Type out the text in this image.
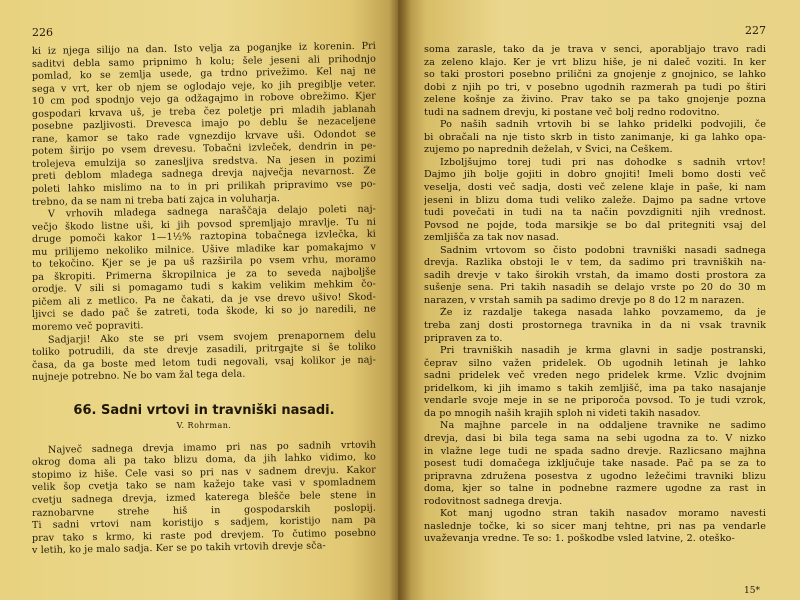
226
ki iz njega silijo na dan. Isto velja za poganjke iz korenin. Pri
saditvi debla samo pripnimo h kolu; šele jeseni ali prihodnjo
pomlad, ko se zemlja usede, ga trdno privežimo. Kel naj ne
sega v vrt, ker ob njem se oglodajo veje, ko jih pregiblje veter.
10 cm pod spodnjo vejo ga odžagajmo in robove obrežimo. Kjer
gospodari krvava uš, je treba čez poletje pri mladih jablanah
posebne pazljivosti. Drevesca imajo po deblu še nezaceljene
rane, kamor se tako rade vgnezdijo krvave uši. Odondot se
potem širijo po vsem drevesu. Tobačni izvleček, dendrin in pe-
trolejeva emulzija so zanesljiva sredstva. Na jesen in pozimi
preti deblom mladega sadnega drevja največja nevarnost. Že
poleti lahko mislimo na to in pri prilikah pripravimo vse po-
trebno, da se nam ni treba bati zajca in voluharja.
V vrhovih mladega sadnega naraščaja delajo poleti naj-
večjo škodo listne uši, ki jih povsod spremljajo mravlje. Tu ni
druge pomoči kakor 1—1½% raztopina tobačnega izvlečka, ki
mu prilijemo nekoliko milnice. Ušive mladike kar pomakajmo v
to tekočino. Kjer se je pa uš razširila po vsem vrhu, moramo
pa škropiti. Primerna škropilnica je za to seveda najboljše
orodje. V sili si pomagamo tudi s kakim velikim mehkim čo-
pičem ali z metlico. Pa ne čakati, da je vse drevo ušivo! Škod-
ljivci se dado pač še zatreti, toda škode, ki so jo naredili, ne
moremo več popraviti.
Sadjarji! Ako ste se pri vsem svojem prenapornem delu
toliko potrudili, da ste drevje zasadili, pritrgajte si še toliko
časa, da ga boste med letom tudi negovali, vsaj kolikor je naj-
nujneje potrebno. Ne bo vam žal tega dela.
66. Sadni vrtovi in travniški nasadi.
V. Rohrman.
Največ sadnega drevja imamo pri nas po sadnih vrtovih
okrog doma ali pa tako blizu doma, da jih lahko vidimo, ko
stopimo iz hiše. Cele vasi so pri nas v sadnem drevju. Kakor
velik šop cvetja tako se nam kažejo take vasi v spomladnem
cvetju sadnega drevja, izmed katerega blešče bele stene in
raznobarvne strehe hiš in gospodarskih poslopij.
Ti sadni vrtovi nam koristijo s sadjem, koristijo nam pa
prav tako s krmo, ki raste pod drevjem. To čutimo posebno
v letih, ko je malo sadja. Ker se po takih vrtovih drevje sča-
227
soma zarasle, tako da je trava v senci, aporabljajo travo radi
za zeleno klajo. Ker je vrt blizu hiše, je ni daleč voziti. In ker
so taki prostori posebno prilični za gnojenje z gnojnico, se lahko
dobi z njih po tri, v posebno ugodnih razmerah pa tudi po štiri
zelene košnje za živino. Prav tako se pa tako gnojenje pozna
tudi na sadnem drevju, ki postane več bolj redno rodovitno.
Po naših sadnih vrtovih bi se lahko pridelki podvojili, če
bi obračali na nje tisto skrb in tisto zanimanje, ki ga lahko opa-
zujemo po naprednih deželah, v Švici, na Češkem.
Izboljšujmo torej tudi pri nas dohodke s sadnih vrtov!
Dajmo jih bolje gojiti in dobro gnojiti! Imeli bomo dosti več
veselja, dosti več sadja, dosti več zelene klaje in paše, ki nam
jeseni in blizu doma tudi veliko zaleže. Dajmo pa sadne vrtove
tudi povečati in tudi na ta način povzdigniti njih vrednost.
Povsod ne pojde, toda marsikje se bo dal pritegniti vsaj del
zemljišča za tak nov nasad.
Sadnim vrtovom so čisto podobni travniški nasadi sadnega
drevja. Razlika obstoji le v tem, da sadimo pri travniških na-
sadih drevje v tako širokih vrstah, da imamo dosti prostora za
sušenje sena. Pri takih nasadih se delajo vrste po 20 do 30 m
narazen, v vrstah samih pa sadimo drevje po 8 do 12 m narazen.
Že iz razdalje takega nasada lahko povzamemo, da je
treba zanj dosti prostornega travnika in da ni vsak travnik
pripraven za to.
Pri travniških nasadih je krma glavni in sadje postranski,
čeprav silno važen pridelek. Ob ugodnih letinah je lahko
sadni pridelek več vreden nego pridelek krme. Vzlic dvojnim
pridelkom, ki jih imamo s takih zemljišč, ima pa tako nasajanje
vendarle svoje meje in se ne priporoča povsod. To je tudi vzrok,
da po mnogih naših krajih sploh ni videti takih nasadov.
Na majhne parcele in na oddaljene travnike ne sadimo
drevja, dasi bi bila tega sama na sebi ugodna za to. V nizko
in vlažne lege tudi ne spada sadno drevje. Razlicsano majhna
posest tudi domačega izključuje take nasade. Pač pa se za to
pripravna združena posestva z ugodno ležečimi travniki blizu
doma, kjer so talne in podnebne razmere ugodne za rast in
rodovitnost sadnega drevja.
Kot manj ugodno stran takih nasadov moramo navesti
naslednje točke, ki so sicer manj tehtne, pri nas pa vendarle
uvaževanja vredne. Te so: 1. poškodbe vsled latvine, 2. oteško-
15*
